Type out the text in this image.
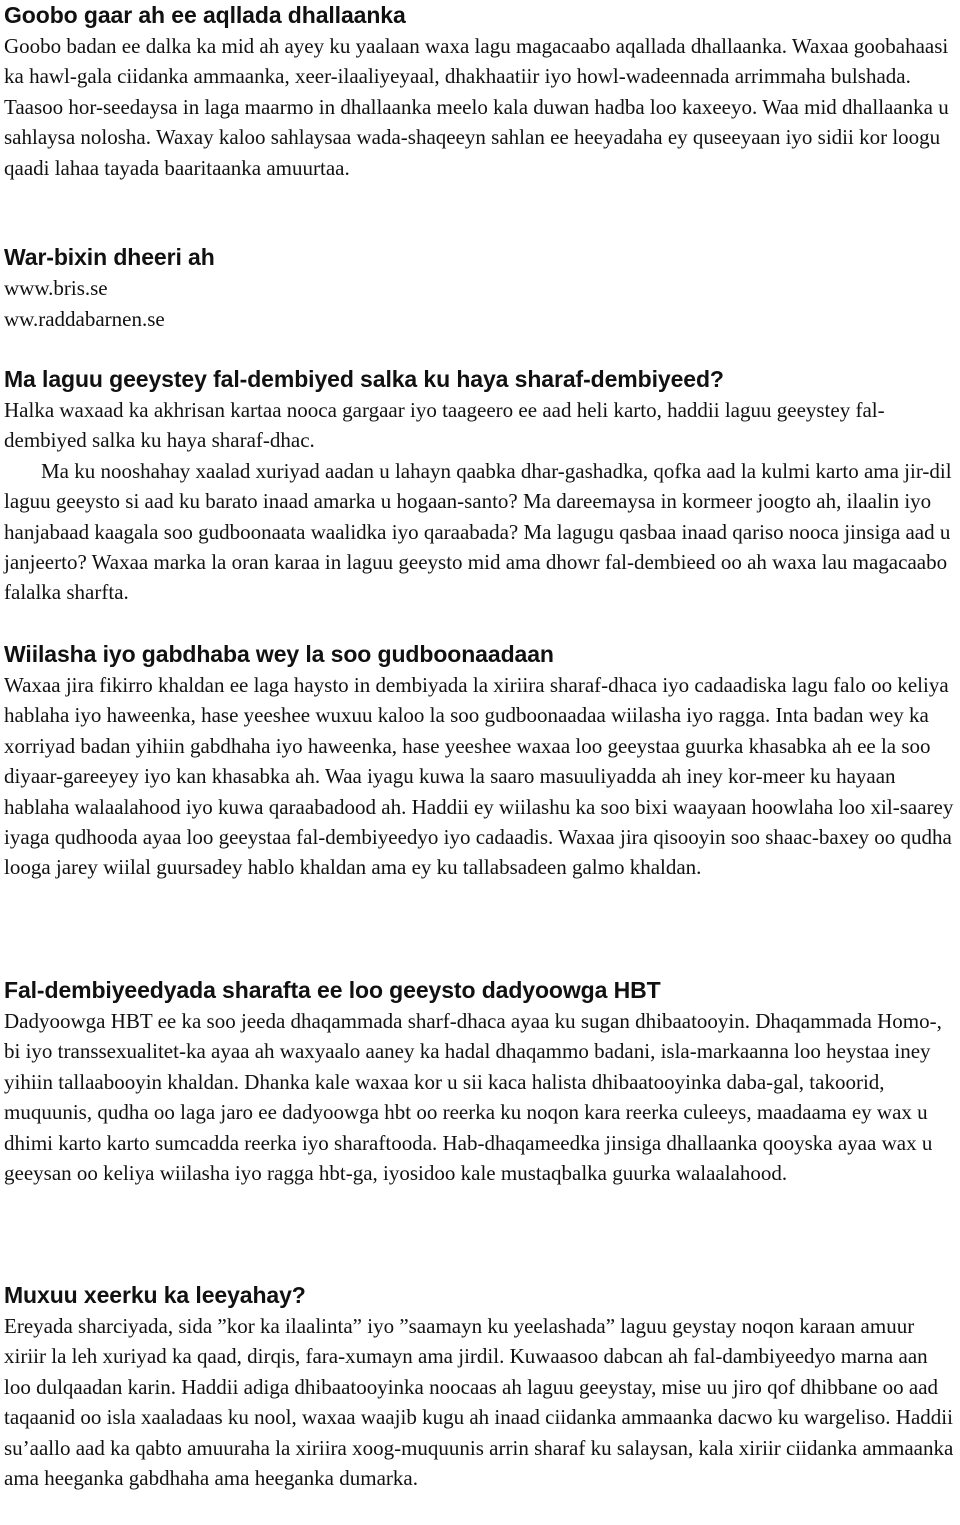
Goobo gaar ah ee aqllada dhallaanka

Goobo badan ee dalka ka mid ah ayey ku yaalaan waxa lagu magacaabo aqallada dhallaanka. Waxaa goobahaasi ka hawl-gala ciidanka ammaanka, xeer-ilaaliyeyaal, dhakhaatiir iyo howl-wadeennada arrimmaha bulshada. Taasoo hor-seedaysa in laga maarmo in dhallaanka meelo kala duwan hadba loo kaxeeyo. Waa mid dhallaanka u sahlaysa nolosha. Waxay kaloo sahlaysaa wada-shaqeeyn sahlan ee heeyadaha ey quseeyaan iyo sidii kor loogu qaadi lahaa tayada baaritaanka amuurtaa.

War-bixin dheeri ah
www.bris.se
ww.raddabarnen.se
Ma laguu geeystey fal-dembiyed salka ku haya sharaf-dembiyeed?

Halka waxaad ka akhrisan kartaa nooca gargaar iyo taageero ee aad heli karto, haddii laguu geeystey fal-dembiyed salka ku haya sharaf-dhac.

Ma ku nooshahay xaalad xuriyad aadan u lahayn qaabka dhar-gashadka, qofka aad la kulmi karto ama jir-dil laguu geeysto si aad ku barato inaad amarka u hogaan-santo? Ma dareemaysa in kormeer joogto ah, ilaalin iyo hanjabaad kaagala soo gudboonaata waalidka iyo qaraabada? Ma lagugu qasbaa inaad qariso nooca jinsiga aad u janjeerto? Waxaa marka la oran karaa in laguu geeysto mid ama dhowr fal-dembieed oo ah waxa lau magacaabo falalka sharfta.

Wiilasha iyo gabdhaba wey la soo gudboonaadaan

Waxaa jira fikirro khaldan ee laga haysto in dembiyada la xiriira sharaf-dhaca iyo cadaadiska lagu falo oo keliya hablaha iyo haweenka, hase yeeshee wuxuu kaloo la soo gudboonaadaa wiilasha iyo ragga. Inta badan wey ka xorriyad badan yihiin gabdhaha iyo haweenka, hase yeeshee waxaa loo geeystaa guurka khasabka ah ee la soo diyaar-gareeyey iyo kan khasabka ah. Waa iyagu kuwa la saaro masuuliyadda ah iney kor-meer ku hayaan hablaha walaalahood iyo kuwa qaraabadood ah. Haddii ey wiilashu ka soo bixi waayaan hoowlaha loo xil-saarey iyaga qudhooda ayaa loo geeystaa fal-dembiyeedyo iyo cadaadis. Waxaa jira qisooyin soo shaac-baxey oo qudha looga jarey wiilal guursadey hablo khaldan ama ey ku tallabsadeen galmo khaldan.

Fal-dembiyeedyada sharafta ee loo geeysto dadyoowga HBT

Dadyoowga HBT ee ka soo jeeda dhaqammada sharf-dhaca ayaa ku sugan dhibaatooyin. Dhaqammada Homo-, bi iyo transsexualitet-ka ayaa ah waxyaalo aaney ka hadal dhaqammo badani, isla-markaanna loo heystaa iney yihiin tallaabooyin khaldan. Dhanka kale waxaa kor u sii kaca halista dhibaatooyinka daba-gal, takoorid, muquunis, qudha oo laga jaro ee dadyoowga hbt oo reerka ku noqon kara reerka culeeys, maadaama ey wax u dhimi karto karto sumcadda reerka iyo sharaftooda. Hab-dhaqameedka jinsiga dhallaanka qooyska ayaa wax u geeysan oo keliya wiilasha iyo ragga hbt-ga, iyosidoo kale mustaqbalka guurka walaalahood.

Muxuu xeerku ka leeyahay?

Ereyada sharciyada, sida ”kor ka ilaalinta” iyo ”saamayn ku yeelashada” laguu geystay noqon karaan amuur xiriir la leh xuriyad ka qaad, dirqis, fara-xumayn ama jirdil. Kuwaasoo dabcan ah fal-dambiyeedyo marna aan loo dulqaadan karin. Haddii adiga dhibaatooyinka noocaas ah laguu geeystay, mise uu jiro qof dhibbane oo aad taqaanid oo isla xaaladaas ku nool, waxaa waajib kugu ah inaad ciidanka ammaanka dacwo ku wargeliso. Haddii su’aallo aad ka qabto amuuraha la xiriira xoog-muquunis arrin sharaf ku salaysan, kala xiriir ciidanka ammaanka ama heeganka gabdhaha ama heeganka dumarka.
